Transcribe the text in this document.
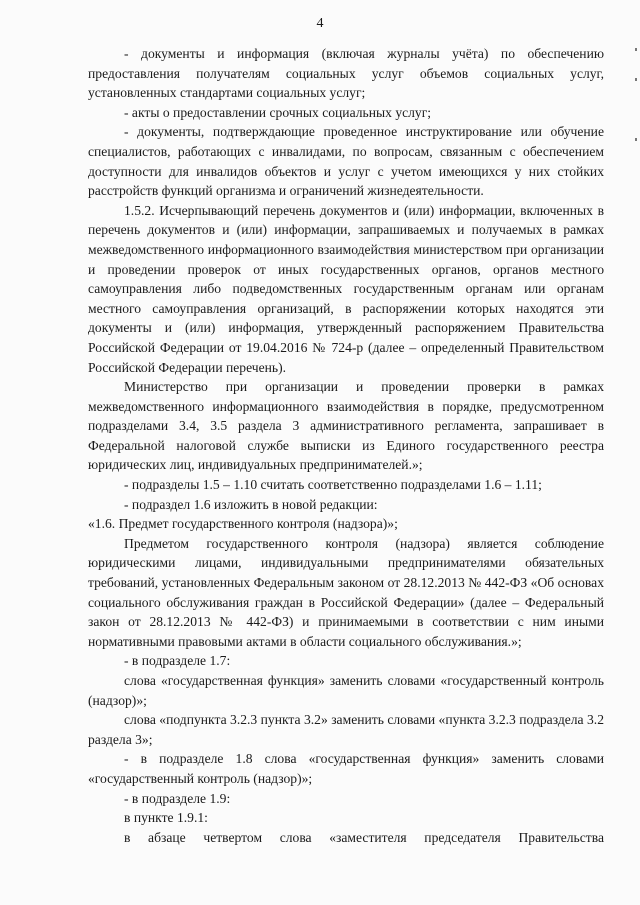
4

- документы и информация (включая журналы учёта) по обеспечению предоставления получателям социальных услуг объемов социальных услуг, установленных стандартами социальных услуг;

- акты о предоставлении срочных социальных услуг;

- документы, подтверждающие проведенное инструктирование или обучение специалистов, работающих с инвалидами, по вопросам, связанным с обеспечением доступности для инвалидов объектов и услуг с учетом имеющихся у них стойких расстройств функций организма и ограничений жизнедеятельности.

1.5.2. Исчерпывающий перечень документов и (или) информации, включенных в перечень документов и (или) информации, запрашиваемых и получаемых в рамках межведомственного информационного взаимодействия министерством при организации и проведении проверок от иных государственных органов, органов местного самоуправления либо подведомственных государственным органам или органам местного самоуправления организаций, в распоряжении которых находятся эти документы и (или) информация, утвержденный распоряжением Правительства Российской Федерации от 19.04.2016 № 724-р (далее – определенный Правительством Российской Федерации перечень).

Министерство при организации и проведении проверки в рамках межведомственного информационного взаимодействия в порядке, предусмотренном подразделами 3.4, 3.5 раздела 3 административного регламента, запрашивает в Федеральной налоговой службе выписки из Единого государственного реестра юридических лиц, индивидуальных предпринимателей.»;

- подразделы 1.5 – 1.10 считать соответственно подразделами 1.6 – 1.11;

- подраздел 1.6 изложить в новой редакции:

«1.6. Предмет государственного контроля (надзора)»;

Предметом государственного контроля (надзора) является соблюдение юридическими лицами, индивидуальными предпринимателями обязательных требований, установленных Федеральным законом от 28.12.2013 № 442-ФЗ «Об основах социального обслуживания граждан в Российской Федерации» (далее – Федеральный закон от 28.12.2013 № 442-ФЗ) и принимаемыми в соответствии с ним иными нормативными правовыми актами в области социального обслуживания.»;

- в подразделе 1.7:

слова «государственная функция» заменить словами «государственный контроль (надзор)»;

слова «подпункта 3.2.3 пункта 3.2» заменить словами «пункта 3.2.3 подраздела 3.2 раздела 3»;

- в подразделе 1.8 слова «государственная функция» заменить словами «государственный контроль (надзор)»;

- в подразделе 1.9:

в пункте 1.9.1:

в абзаце четвертом слова «заместителя председателя Правительства
